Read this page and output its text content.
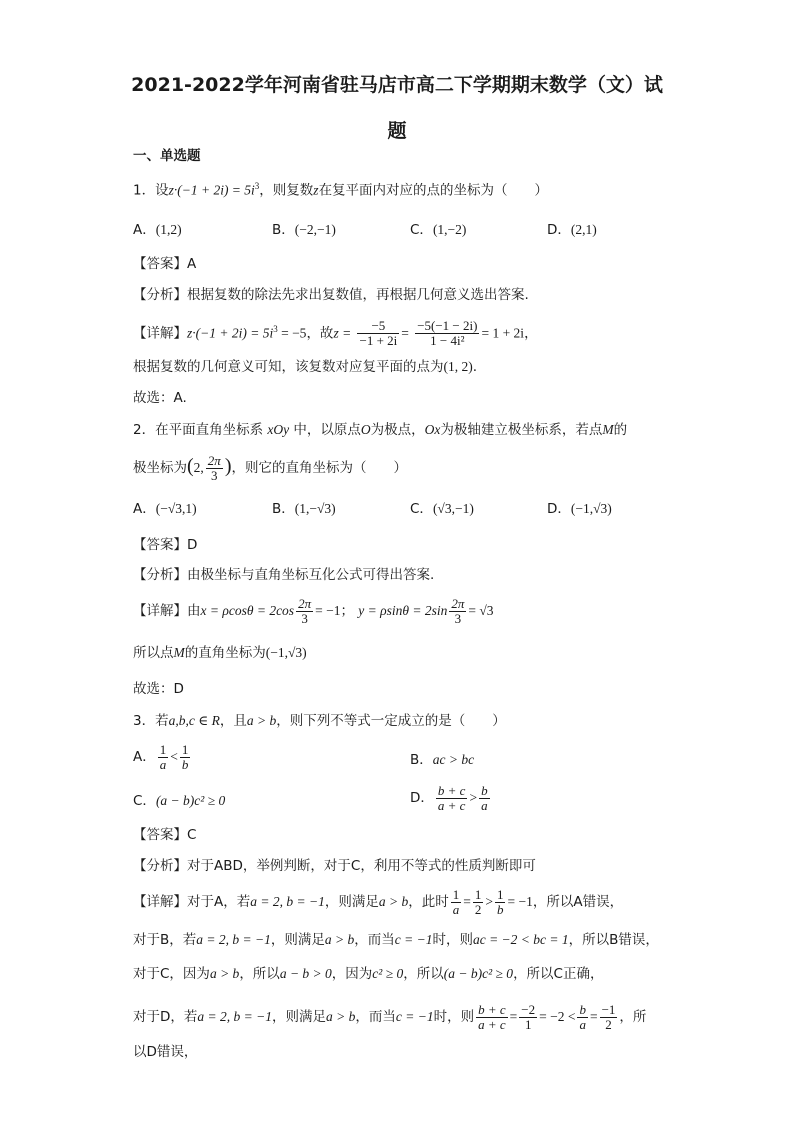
2021-2022学年河南省驻马店市高二下学期期末数学（文）试
题
一、单选题
1．设$z\cdot(-1 + 2i) = 5i^3$，则复数z在复平面内对应的点的坐标为（　　）
A．(1,2)	B．(−2,−1)	C．(1,−2)	D．(2,1)
【答案】A
【分析】根据复数的除法先求出复数值，再根据几何意义选出答案.
【详解】$z\cdot(-1 + 2i) = 5i^3 = -5$，故$z = \frac{-5}{-1 + 2i} = \frac{-5(-1 - 2i)}{\text{1 − 4i²}} = 1 + 2i$，
根据复数的几何意义可知，该复数对应复平面的点为(1, 2).
故选：A.
2．在平面直角坐标系 xOy 中，以原点O为极点，Ox为极轴建立极坐标系，若点M的
极坐标为(2, $\frac{2\pi}{3}$ )，则它的直角坐标为（　　）
A．(−√3,1)	B．(1,−√3)	C．(√3,−1)	D．(−1,√3)
【答案】D
【分析】由极坐标与直角坐标互化公式可得出答案.
【详解】由$x = \rho\cos\theta = 2\cos \frac{2\pi}{3} = -1$； $y = \rho\sin\theta = 2\sin \frac{2\pi}{3} = √3$
所以点M的直角坐标为(−1,√3)
故选：D
3．若a,b,c ∈ R，且a > b，则下列不等式一定成立的是（　　）
A． $\frac{1}{a} < \frac{1}{b}$	B．ac > bc
C．(a − b)c² ≥ 0	D． $\frac{b + c}{a + c} > \frac{b}{a}$
【答案】C
【分析】对于ABD，举例判断，对于C，利用不等式的性质判断即可
【详解】对于A，若a = 2, b = −1，则满足a > b，此时 $\frac{1}{a} = \frac{1}{2} > \frac{1}{b} = -1$，所以A错误，
对于B，若a = 2, b = −1，则满足a > b，而当c = −1时，则ac = −2 < bc = 1，所以B错误，
对于C，因为a > b，所以a − b > 0，因为c² ≥ 0，所以(a − b)c² ≥ 0，所以C正确，
对于D，若a = 2, b = −1，则满足a > b，而当c = −1时，则 $\frac{b + c}{a + c} = \frac{-2}{1} = -2 < \frac{b}{a} = \frac{-1}{2}$ ，所
以D错误，
